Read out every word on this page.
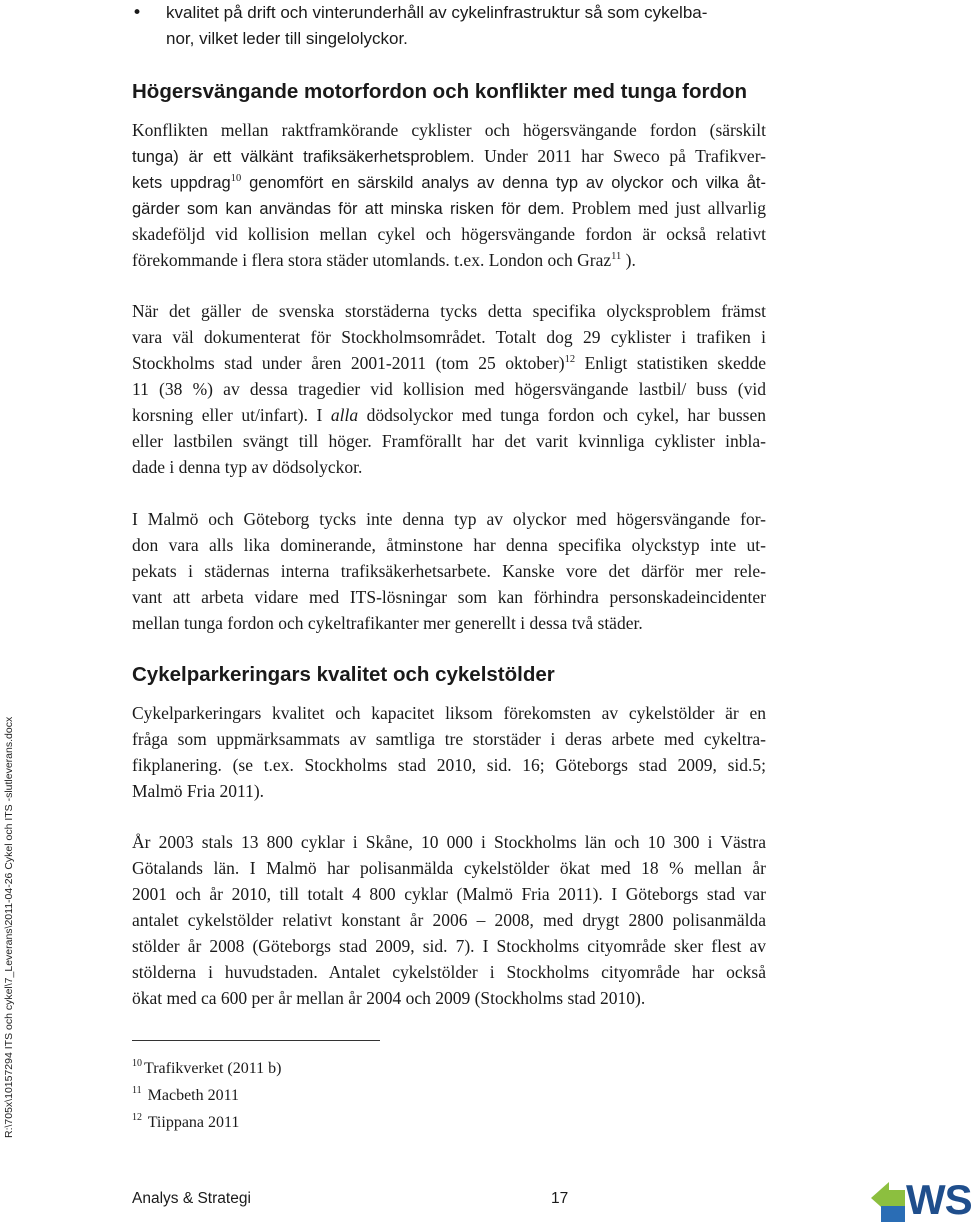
•	kvalitet på drift och vinterunderhåll av cykelinfrastruktur så som cykelba-
nor, vilket leder till singelolyckor.
Högersvängande motorfordon och konflikter med tunga fordon
Konflikten mellan raktframkörande cyklister och högersvängande fordon (särskilt
tunga) är ett välkänt trafiksäkerhetsproblem. Under 2011 har Sweco på Trafikver-
kets uppdrag$^{10}$ genomfört en särskild analys av denna typ av olyckor och vilka åt-
gärder som kan användas för att minska risken för dem. Problem med just allvarlig
skadeföljd vid kollision mellan cykel och högersvängande fordon är också relativt
förekommande i flera stora städer utomlands. t.ex. London och Graz$^{11}$ ).
När det gäller de svenska storstäderna tycks detta specifika olycksproblem främst
vara väl dokumenterat för Stockholmsområdet. Totalt dog 29 cyklister i trafiken i
Stockholms stad under åren 2001-2011 (tom 25 oktober)$^{12}$ Enligt statistiken skedde
11 (38 %) av dessa tragedier vid kollision med högersvängande lastbil/ buss (vid
korsning eller ut/infart). I alla dödsolyckor med tunga fordon och cykel, har bussen
eller lastbilen svängt till höger. Framförallt har det varit kvinnliga cyklister inbla-
dade i denna typ av dödsolyckor.
I Malmö och Göteborg tycks inte denna typ av olyckor med högersvängande for-
don vara alls lika dominerande, åtminstone har denna specifika olyckstyp inte ut-
pekats i städernas interna trafiksäkerhetsarbete. Kanske vore det därför mer rele-
vant att arbeta vidare med ITS-lösningar som kan förhindra personskadeincidenter
mellan tunga fordon och cykeltrafikanter mer generellt i dessa två städer.
Cykelparkeringars kvalitet och cykelstölder
Cykelparkeringars kvalitet och kapacitet liksom förekomsten av cykelstölder är en
fråga som uppmärksammats av samtliga tre storstäder i deras arbete med cykeltra-
fikplanering. (se t.ex. Stockholms stad 2010, sid. 16; Göteborgs stad 2009, sid.5;
Malmö Fria 2011).
År 2003 stals 13 800 cyklar i Skåne, 10 000 i Stockholms län och 10 300 i Västra
Götalands län. I Malmö har polisanmälda cykelstölder ökat med 18 % mellan år
2001 och år 2010, till totalt 4 800 cyklar (Malmö Fria 2011). I Göteborgs stad var
antalet cykelstölder relativt konstant år 2006 – 2008, med drygt 2800 polisanmälda
stölder år 2008 (Göteborgs stad 2009, sid. 7). I Stockholms cityområde sker flest av
stölderna i huvudstaden. Antalet cykelstölder i Stockholms cityområde har också
ökat med ca 600 per år mellan år 2004 och 2009 (Stockholms stad 2010).
$^{10}$ Trafikverket (2011 b)
$^{11}$ Macbeth 2011
$^{12}$ Tiippana 2011
R:\705x\10157294 ITS och cykel\7_Leverans\2011-04-26 Cykel och ITS -slutleverans.docx
Analys & Strategi	17	WS
